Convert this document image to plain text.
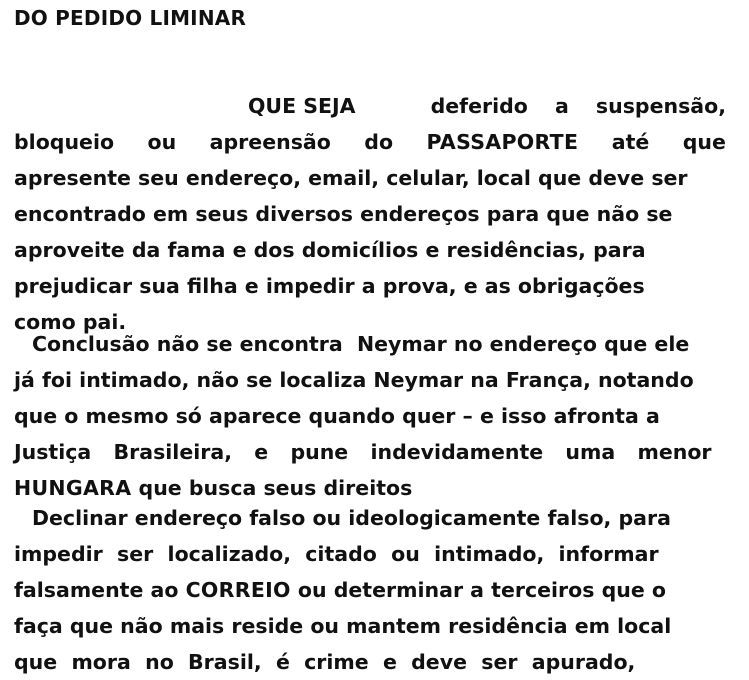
DO PEDIDO LIMINAR
QUE SEJA	deferido a suspensão,
bloqueio ou apreensão do PASSAPORTE até que
apresente seu endereço, email, celular, local que deve ser
encontrado em seus diversos endereços para que não se
aproveite da fama e dos domicílios e residências, para
prejudicar sua filha e impedir a prova, e as obrigações
como pai.
Conclusão não se encontra  Neymar no endereço que ele
já foi intimado, não se localiza Neymar na França, notando
que o mesmo só aparece quando quer – e isso afronta a
Justiça  Brasileira,  e  pune  indevidamente  uma  menor
HUNGARA que busca seus direitos
Declinar endereço falso ou ideologicamente falso, para
impedir  ser  localizado,  citado  ou  intimado,  informar
falsamente ao CORREIO ou determinar a terceiros que o
faça que não mais reside ou mantem residência em local
que  mora  no  Brasil,  é  crime  e  deve  ser  apurado,
